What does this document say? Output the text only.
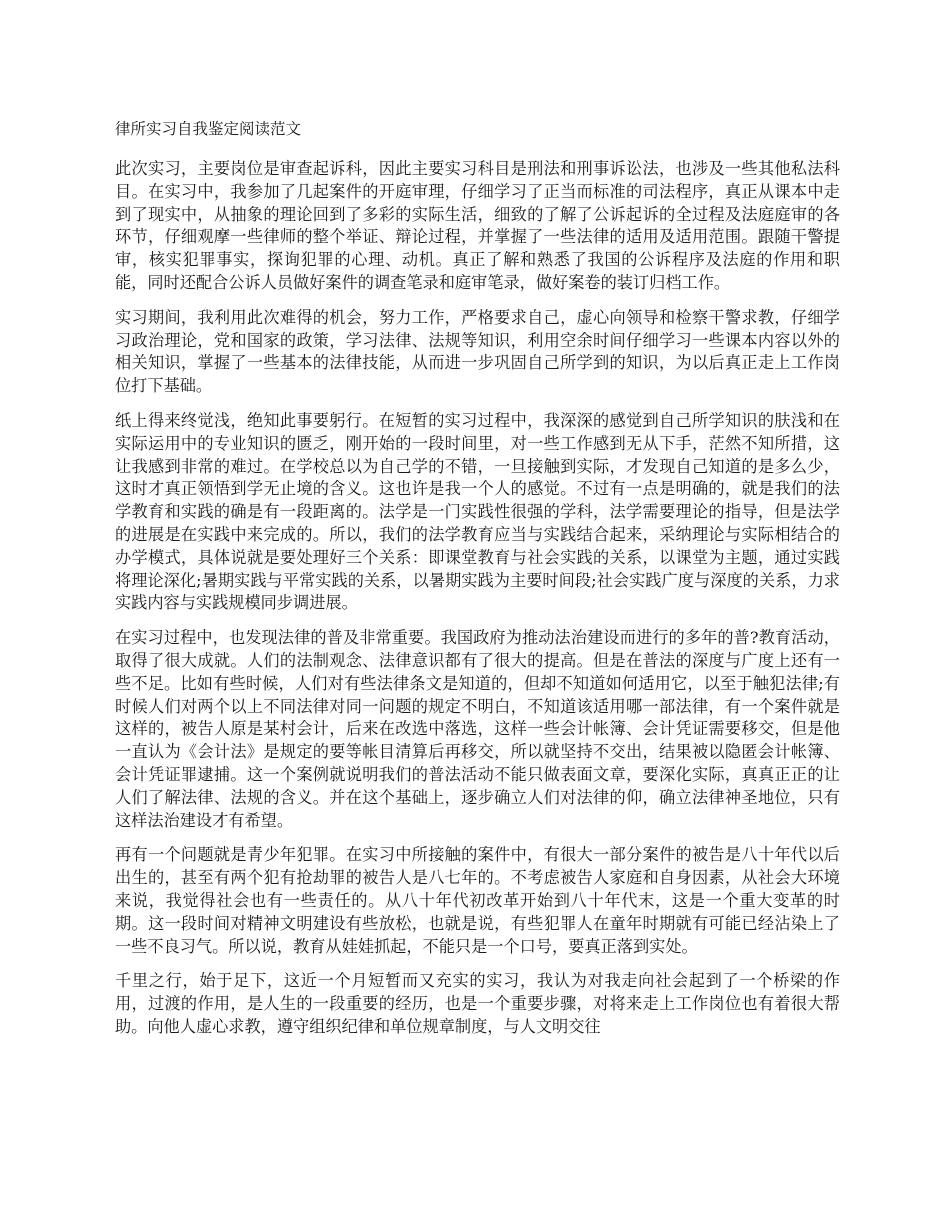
律所实习自我鉴定阅读范文

此次实习，主要岗位是审查起诉科，因此主要实习科目是刑法和刑事诉讼法，也涉及一些其他私法科目。在实习中，我参加了几起案件的开庭审理，仔细学习了正当而标准的司法程序，真正从课本中走到了现实中，从抽象的理论回到了多彩的实际生活，细致的了解了公诉起诉的全过程及法庭庭审的各环节，仔细观摩一些律师的整个举证、辩论过程，并掌握了一些法律的适用及适用范围。跟随干警提审，核实犯罪事实，探询犯罪的心理、动机。真正了解和熟悉了我国的公诉程序及法庭的作用和职能，同时还配合公诉人员做好案件的调查笔录和庭审笔录，做好案卷的装订归档工作。

实习期间，我利用此次难得的机会，努力工作，严格要求自己，虚心向领导和检察干警求教，仔细学习政治理论，党和国家的政策，学习法律、法规等知识，利用空余时间仔细学习一些课本内容以外的相关知识，掌握了一些基本的法律技能，从而进一步巩固自己所学到的知识，为以后真正走上工作岗位打下基础。

纸上得来终觉浅，绝知此事要躬行。在短暂的实习过程中，我深深的感觉到自己所学知识的肤浅和在实际运用中的专业知识的匮乏，刚开始的一段时间里，对一些工作感到无从下手，茫然不知所措，这让我感到非常的难过。在学校总以为自己学的不错，一旦接触到实际，才发现自己知道的是多么少，这时才真正领悟到学无止境的含义。这也许是我一个人的感觉。不过有一点是明确的，就是我们的法学教育和实践的确是有一段距离的。法学是一门实践性很强的学科，法学需要理论的指导，但是法学的进展是在实践中来完成的。所以，我们的法学教育应当与实践结合起来，采纳理论与实际相结合的办学模式，具体说就是要处理好三个关系：即课堂教育与社会实践的关系，以课堂为主题，通过实践将理论深化;暑期实践与平常实践的关系，以暑期实践为主要时间段;社会实践广度与深度的关系，力求实践内容与实践规模同步调进展。

在实习过程中，也发现法律的普及非常重要。我国政府为推动法治建设而进行的多年的普?教育活动，取得了很大成就。人们的法制观念、法律意识都有了很大的提高。但是在普法的深度与广度上还有一些不足。比如有些时候，人们对有些法律条文是知道的，但却不知道如何适用它，以至于触犯法律;有时候人们对两个以上不同法律对同一问题的规定不明白，不知道该适用哪一部法律，有一个案件就是这样的，被告人原是某村会计，后来在改选中落选，这样一些会计帐簿、会计凭证需要移交，但是他一直认为《会计法》是规定的要等帐目清算后再移交，所以就坚持不交出，结果被以隐匿会计帐簿、会计凭证罪逮捕。这一个案例就说明我们的普法活动不能只做表面文章，要深化实际，真真正正的让人们了解法律、法规的含义。并在这个基础上，逐步确立人们对法律的仰，确立法律神圣地位，只有这样法治建设才有希望。

再有一个问题就是青少年犯罪。在实习中所接触的案件中，有很大一部分案件的被告是八十年代以后出生的，甚至有两个犯有抢劫罪的被告人是八七年的。不考虑被告人家庭和自身因素，从社会大环境来说，我觉得社会也有一些责任的。从八十年代初改革开始到八十年代末，这是一个重大变革的时期。这一段时间对精神文明建设有些放松，也就是说，有些犯罪人在童年时期就有可能已经沾染上了一些不良习气。所以说，教育从娃娃抓起，不能只是一个口号，要真正落到实处。

千里之行，始于足下，这近一个月短暂而又充实的实习，我认为对我走向社会起到了一个桥梁的作用，过渡的作用，是人生的一段重要的经历，也是一个重要步骤，对将来走上工作岗位也有着很大帮助。向他人虚心求教，遵守组织纪律和单位规章制度，与人文明交往
